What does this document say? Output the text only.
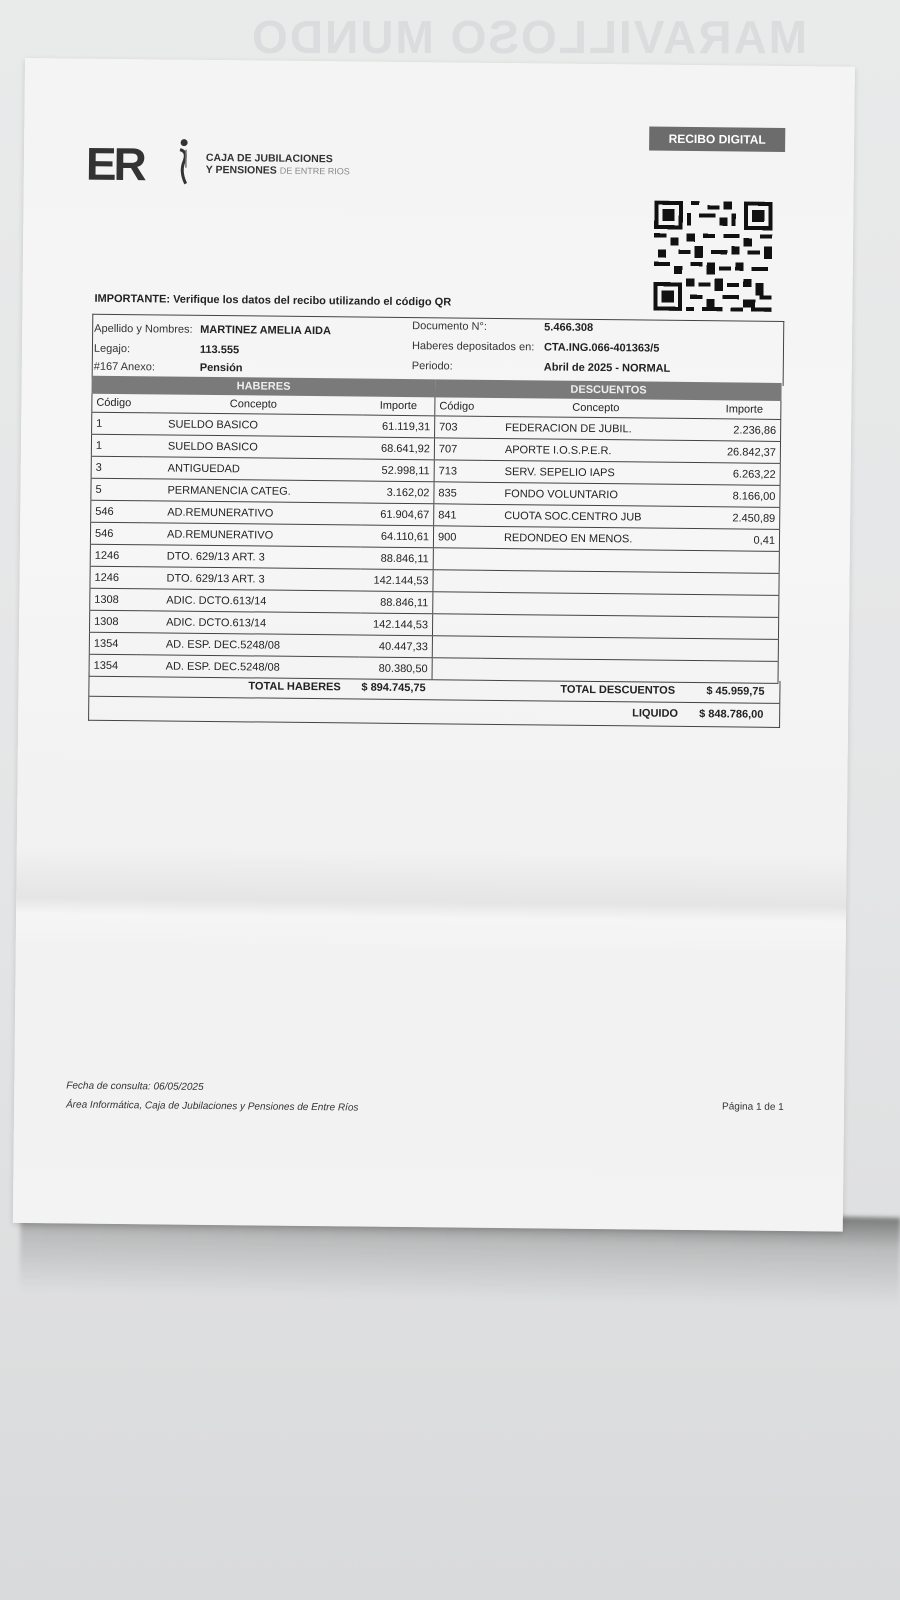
MARAVILLOSO MUNDO
ER	CAJA DE JUBILACIONES
Y PENSIONES DE ENTRE RIOS
RECIBO DIGITAL
IMPORTANTE: Verifique los datos del recibo utilizando el código QR
Apellido y Nombres: MARTINEZ AMELIA AIDA
Legajo:	113.555
#167 Anexo:	Pensión
Documento N°:	5.466.308
Haberes depositados en: CTA.ING.066-401363/5
Periodo:	Abril de 2025 - NORMAL
HABERES	DESCUENTOS
Código	Concepto	Importe
1	SUELDO BASICO	61.119,31
1	SUELDO BASICO	68.641,92
3	ANTIGUEDAD	52.998,11
5	PERMANENCIA CATEG.	3.162,02
546	AD.REMUNERATIVO	61.904,67
546	AD.REMUNERATIVO	64.110,61
1246	DTO. 629/13 ART. 3	88.846,11
1246	DTO. 629/13 ART. 3	142.144,53
1308	ADIC. DCTO.613/14	88.846,11
1308	ADIC. DCTO.613/14	142.144,53
1354	AD. ESP. DEC.5248/08	40.447,33
1354	AD. ESP. DEC.5248/08	80.380,50
Código	Concepto	Importe
703	FEDERACION DE JUBIL.	2.236,86
707	APORTE I.O.S.P.E.R.	26.842,37
713	SERV. SEPELIO IAPS	6.263,22
835	FONDO VOLUNTARIO	8.166,00
841	CUOTA SOC.CENTRO JUB	2.450,89
900	REDONDEO EN MENOS.	0,41

TOTAL HABERES $ 894.745,75	TOTAL DESCUENTOS	$ 45.959,75
LIQUIDO $ 848.786,00
Fecha de consulta: 06/05/2025
Área Informática, Caja de Jubilaciones y Pensiones de Entre Ríos	Página 1 de 1
